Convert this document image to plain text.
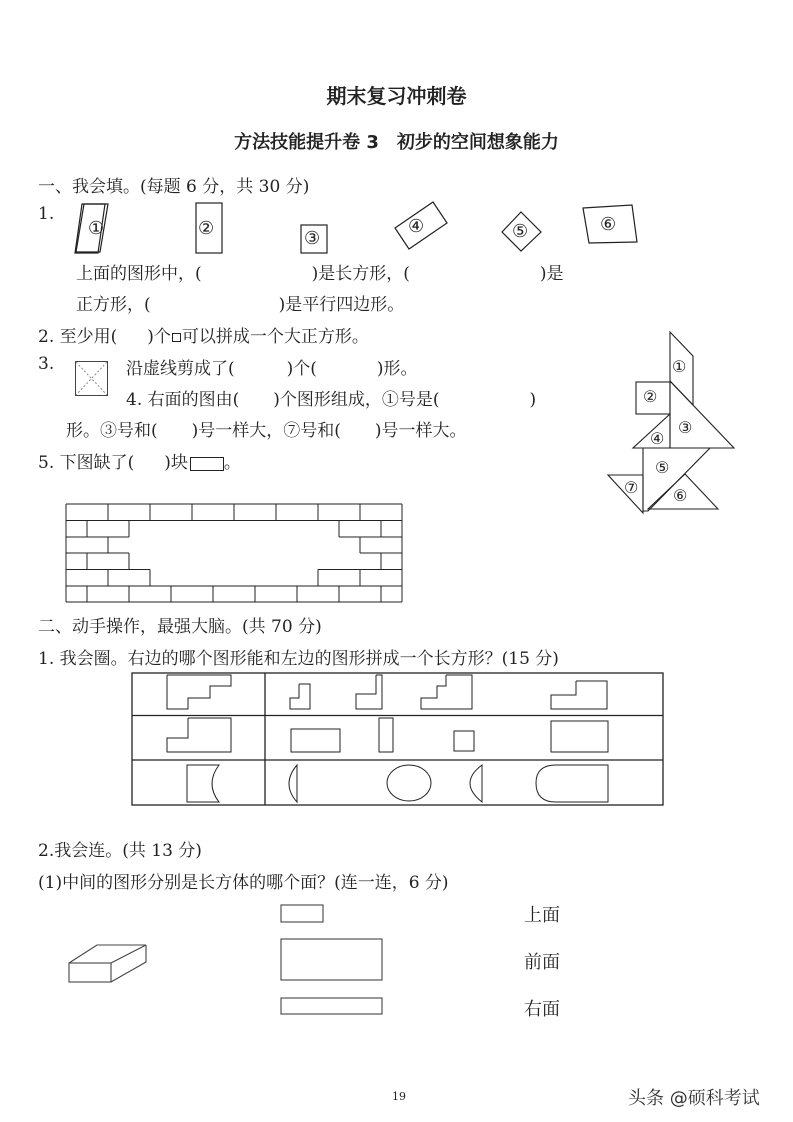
期末复习冲刺卷
方法技能提升卷 3　初步的空间想象能力
一、我会填。(每题 6 分，共 30 分)
1.
①	②	③
④	⑤	⑥
上面的图形中，(	)是长方形，(	)是
正方形，(	)是平行四边形。
2. 至少用( )个 可以拼成一个大正方形。
3.	沿虚线剪成了(	)个(	)形。
4. 右面的图由( )个图形组成，①号是(	)
形。③号和( )号一样大，⑦号和( )号一样大。
①
②
③
④
⑤
⑥
⑦
5. 下图缺了( )块 。
二、动手操作，最强大脑。(共 70 分)
1. 我会圈。右边的哪个图形能和左边的图形拼成一个长方形？(15 分)
2.我会连。(共 13 分)
(1)中间的图形分别是长方体的哪个面？(连一连，6 分)
上面
前面
右面
19	头条 @硕科考试
